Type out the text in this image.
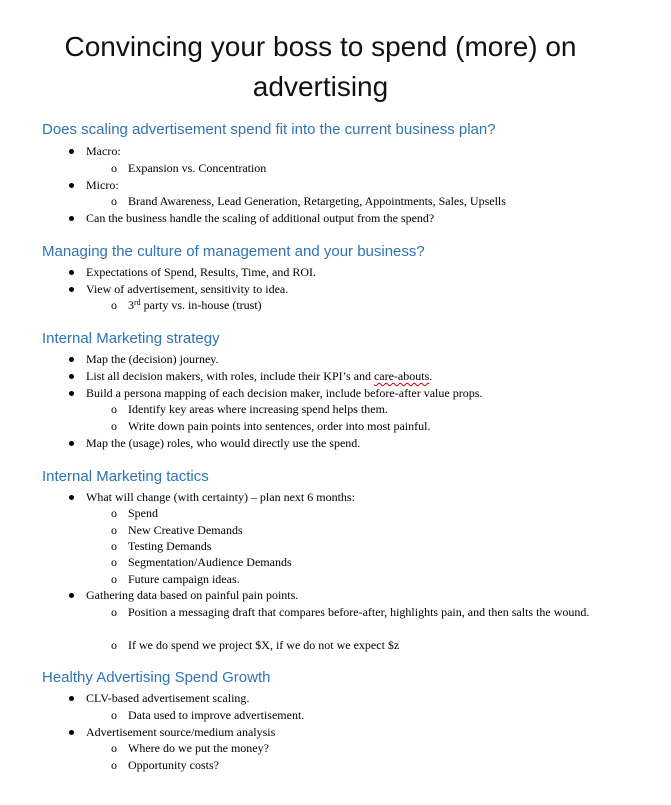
Convincing your boss to spend (more) on
advertising
Does scaling advertisement spend fit into the current business plan?
Macro:
o Expansion vs. Concentration
Micro:
o Brand Awareness, Lead Generation, Retargeting, Appointments, Sales, Upsells
Can the business handle the scaling of additional output from the spend?
Managing the culture of management and your business?
Expectations of Spend, Results, Time, and ROI.
View of advertisement, sensitivity to idea.
o 3rd party vs. in-house (trust)
Internal Marketing strategy
Map the (decision) journey.
List all decision makers, with roles, include their KPI’s and care-abouts.
Build a persona mapping of each decision maker, include before-after value props.
o Identify key areas where increasing spend helps them.
o Write down pain points into sentences, order into most painful.
Map the (usage) roles, who would directly use the spend.
Internal Marketing tactics
What will change (with certainty) – plan next 6 months:
o Spend
o New Creative Demands
o Testing Demands
o Segmentation/Audience Demands
o Future campaign ideas.
Gathering data based on painful pain points.
o Position a messaging draft that compares before-after, highlights pain, and then salts the wound.
o If we do spend we project $X, if we do not we expect $z
Healthy Advertising Spend Growth
CLV-based advertisement scaling.
o Data used to improve advertisement.
Advertisement source/medium analysis
o Where do we put the money?
o Opportunity costs?
